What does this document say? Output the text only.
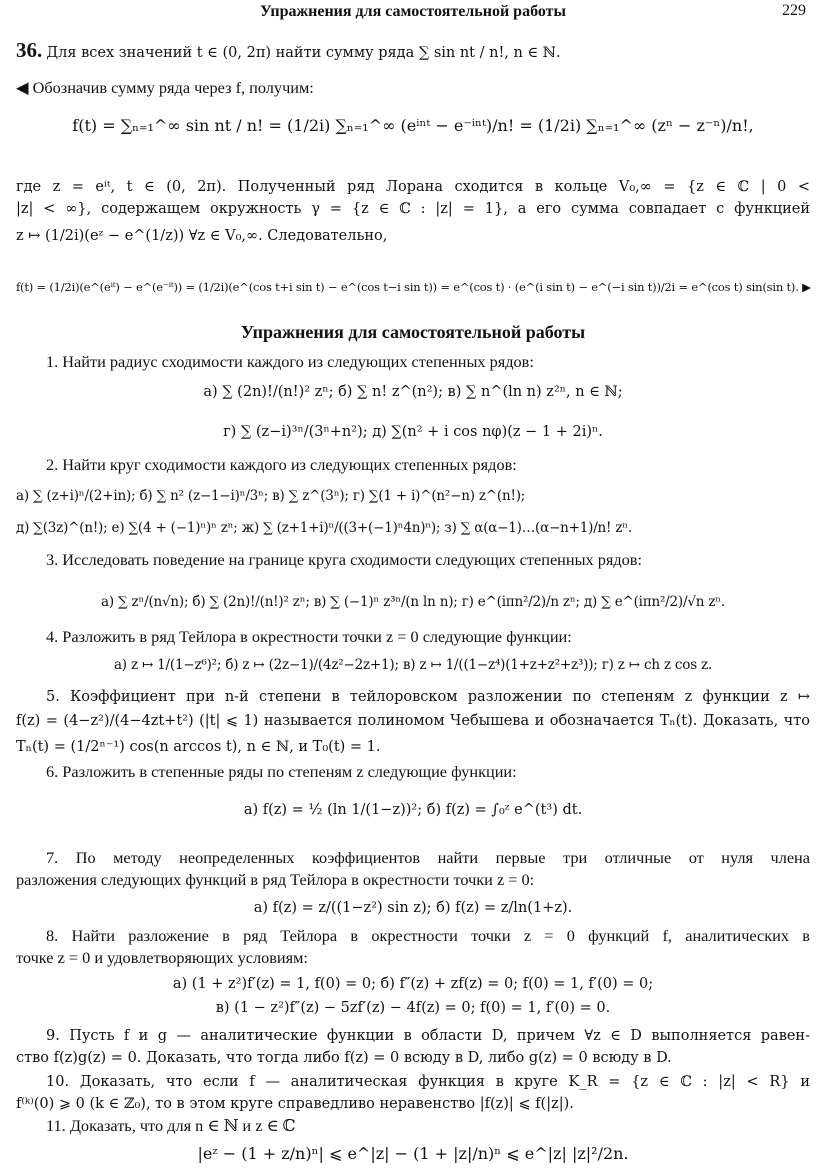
Упражнения для самостоятельной работы	229
36. Для всех значений t ∈ (0, 2π) найти сумму ряда ∑ sin nt / n!, n ∈ ℕ.
◀ Обозначив сумму ряда через f, получим:
f(t) = ∑ₙ₌₁^∞ sin nt / n! = (1/2i) ∑ₙ₌₁^∞ (eⁱⁿᵗ − e⁻ⁱⁿᵗ)/n! = (1/2i) ∑ₙ₌₁^∞ (zⁿ − z⁻ⁿ)/n!,
где z = eⁱᵗ, t ∈ (0, 2π). Полученный ряд Лорана сходится в кольце V₀,∞ = {z ∈ ℂ | 0 <
|z| < ∞}, содержащем окружность γ = {z ∈ ℂ : |z| = 1}, а его сумма совпадает с функцией
z ↦ (1/2i)(eᶻ − e^(1/z)) ∀z ∈ V₀,∞. Следовательно,
f(t) = (1/2i)(e^(eⁱᵗ) − e^(e⁻ⁱᵗ)) = (1/2i)(e^(cos t+i sin t) − e^(cos t−i sin t)) = e^(cos t) · (e^(i sin t) − e^(−i sin t))/2i = e^(cos t) sin(sin t). ▶
Упражнения для самостоятельной работы
1. Найти радиус сходимости каждого из следующих степенных рядов:
а) ∑ (2n)!/(n!)² zⁿ; б) ∑ n! z^(n²); в) ∑ n^(ln n) z²ⁿ, n ∈ ℕ;
г) ∑ (z−i)³ⁿ/(3ⁿ+n²); д) ∑(n² + i cos nφ)(z − 1 + 2i)ⁿ.
2. Найти круг сходимости каждого из следующих степенных рядов:
а) ∑ (z+i)ⁿ/(2+in); б) ∑ n² (z−1−i)ⁿ/3ⁿ; в) ∑ z^(3ⁿ); г) ∑(1 + i)^(n²−n) z^(n!);
д) ∑(3z)^(n!); е) ∑(4 + (−1)ⁿ)ⁿ zⁿ; ж) ∑ (z+1+i)ⁿ/((3+(−1)ⁿ4n)ⁿ); з) ∑ α(α−1)…(α−n+1)/n! zⁿ.
3. Исследовать поведение на границе круга сходимости следующих степенных рядов:
а) ∑ zⁿ/(n√n); б) ∑ (2n)!/(n!)² zⁿ; в) ∑ (−1)ⁿ z³ⁿ/(n ln n); г) e^(iπn²/2)/n zⁿ; д) ∑ e^(iπn²/2)/√n zⁿ.
4. Разложить в ряд Тейлора в окрестности точки z = 0 следующие функции:
а) z ↦ 1/(1−z⁶)²; б) z ↦ (2z−1)/(4z²−2z+1); в) z ↦ 1/((1−z⁴)(1+z+z²+z³)); г) z ↦ ch z cos z.
5. Коэффициент при n-й степени в тейлоровском разложении по степеням z функции z ↦
f(z) = (4−z²)/(4−4zt+t²) (|t| ⩽ 1) называется полиномом Чебышева и обозначается Tₙ(t). Доказать, что
Tₙ(t) = (1/2ⁿ⁻¹) cos(n arccos t), n ∈ ℕ, и T₀(t) = 1.
6. Разложить в степенные ряды по степеням z следующие функции:
а) f(z) = ½ (ln 1/(1−z))²; б) f(z) = ∫₀ᶻ e^(t³) dt.
7. По методу неопределенных коэффициентов найти первые три отличные от нуля члена
разложения следующих функций в ряд Тейлора в окрестности точки z = 0:
а) f(z) = z/((1−z²) sin z); б) f(z) = z/ln(1+z).
8. Найти разложение в ряд Тейлора в окрестности точки z = 0 функций f, аналитических в
точке z = 0 и удовлетворяющих условиям:
а) (1 + z²)f′(z) = 1, f(0) = 0; б) f″(z) + zf(z) = 0; f(0) = 1, f′(0) = 0;
в) (1 − z²)f″(z) − 5zf′(z) − 4f(z) = 0; f(0) = 1, f′(0) = 0.
9. Пусть f и g — аналитические функции в области D, причем ∀z ∈ D выполняется равен-
ство f(z)g(z) = 0. Доказать, что тогда либо f(z) = 0 всюду в D, либо g(z) = 0 всюду в D.
10. Доказать, что если f — аналитическая функция в круге K_R = {z ∈ ℂ : |z| < R} и
f⁽ᵏ⁾(0) ⩾ 0 (k ∈ ℤ₀), то в этом круге справедливо неравенство |f(z)| ⩽ f(|z|).
11. Доказать, что для n ∈ ℕ и z ∈ ℂ
|eᶻ − (1 + z/n)ⁿ| ⩽ e^|z| − (1 + |z|/n)ⁿ ⩽ e^|z| |z|²/2n.
